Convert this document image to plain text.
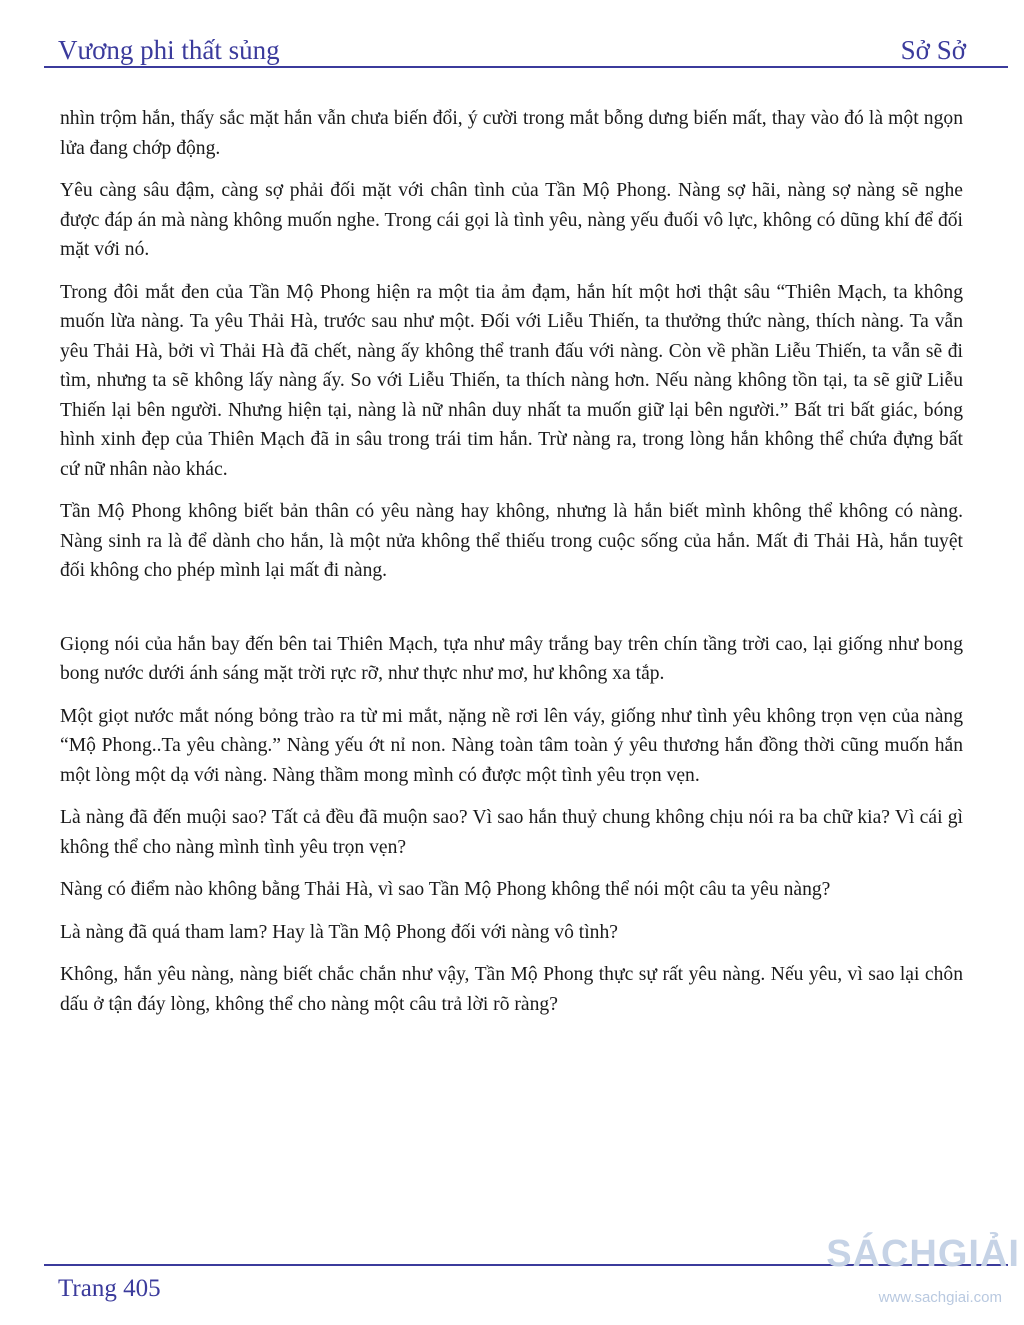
Vương phi thất sủng	Sở Sở

nhìn trộm hắn, thấy sắc mặt hắn vẫn chưa biến đổi, ý cười trong mắt bỗng dưng biến mất, thay vào đó là một ngọn lửa đang chớp động.

Yêu càng sâu đậm, càng sợ phải đối mặt với chân tình của Tần Mộ Phong. Nàng sợ hãi, nàng sợ nàng sẽ nghe được đáp án mà nàng không muốn nghe. Trong cái gọi là tình yêu, nàng yếu đuối vô lực, không có dũng khí để đối mặt với nó.

Trong đôi mắt đen của Tần Mộ Phong hiện ra một tia ảm đạm, hắn hít một hơi thật sâu “Thiên Mạch, ta không muốn lừa nàng. Ta yêu Thải Hà, trước sau như một. Đối với Liễu Thiến, ta thưởng thức nàng, thích nàng. Ta vẫn yêu Thải Hà, bởi vì Thải Hà đã chết, nàng ấy không thể tranh đấu với nàng. Còn về phần Liễu Thiến, ta vẫn sẽ đi tìm, nhưng ta sẽ không lấy nàng ấy. So với Liễu Thiến, ta thích nàng hơn. Nếu nàng không tồn tại, ta sẽ giữ Liễu Thiến lại bên người. Nhưng hiện tại, nàng là nữ nhân duy nhất ta muốn giữ lại bên người.” Bất tri bất giác, bóng hình xinh đẹp của Thiên Mạch đã in sâu trong trái tim hắn. Trừ nàng ra, trong lòng hắn không thể chứa đựng bất cứ nữ nhân nào khác.

Tần Mộ Phong không biết bản thân có yêu nàng hay không, nhưng là hắn biết mình không thể không có nàng. Nàng sinh ra là để dành cho hắn, là một nửa không thể thiếu trong cuộc sống của hắn. Mất đi Thải Hà, hắn tuyệt đối không cho phép mình lại mất đi nàng.

Giọng nói của hắn bay đến bên tai Thiên Mạch, tựa như mây trắng bay trên chín tầng trời cao, lại giống như bong bong nước dưới ánh sáng mặt trời rực rỡ, như thực như mơ, hư không xa tắp.

Một giọt nước mắt nóng bỏng trào ra từ mi mắt, nặng nề rơi lên váy, giống như tình yêu không trọn vẹn của nàng “Mộ Phong..Ta yêu chàng.” Nàng yếu ớt nỉ non. Nàng toàn tâm toàn ý yêu thương hắn đồng thời cũng muốn hắn một lòng một dạ với nàng. Nàng thầm mong mình có được một tình yêu trọn vẹn.

Là nàng đã đến muội sao? Tất cả đều đã muộn sao? Vì sao hắn thuỷ chung không chịu nói ra ba chữ kia? Vì cái gì không thể cho nàng mình tình yêu trọn vẹn?

Nàng có điểm nào không bằng Thải Hà, vì sao Tần Mộ Phong không thể nói một câu ta yêu nàng?

Là nàng đã quá tham lam? Hay là Tần Mộ Phong đối với nàng vô tình?

Không, hắn yêu nàng, nàng biết chắc chắn như vậy, Tần Mộ Phong thực sự rất yêu nàng. Nếu yêu, vì sao lại chôn dấu ở tận đáy lòng, không thể cho nàng một câu trả lời rõ ràng?

Trang 405
SÁCHGIẢI
www.sachgiai.com
